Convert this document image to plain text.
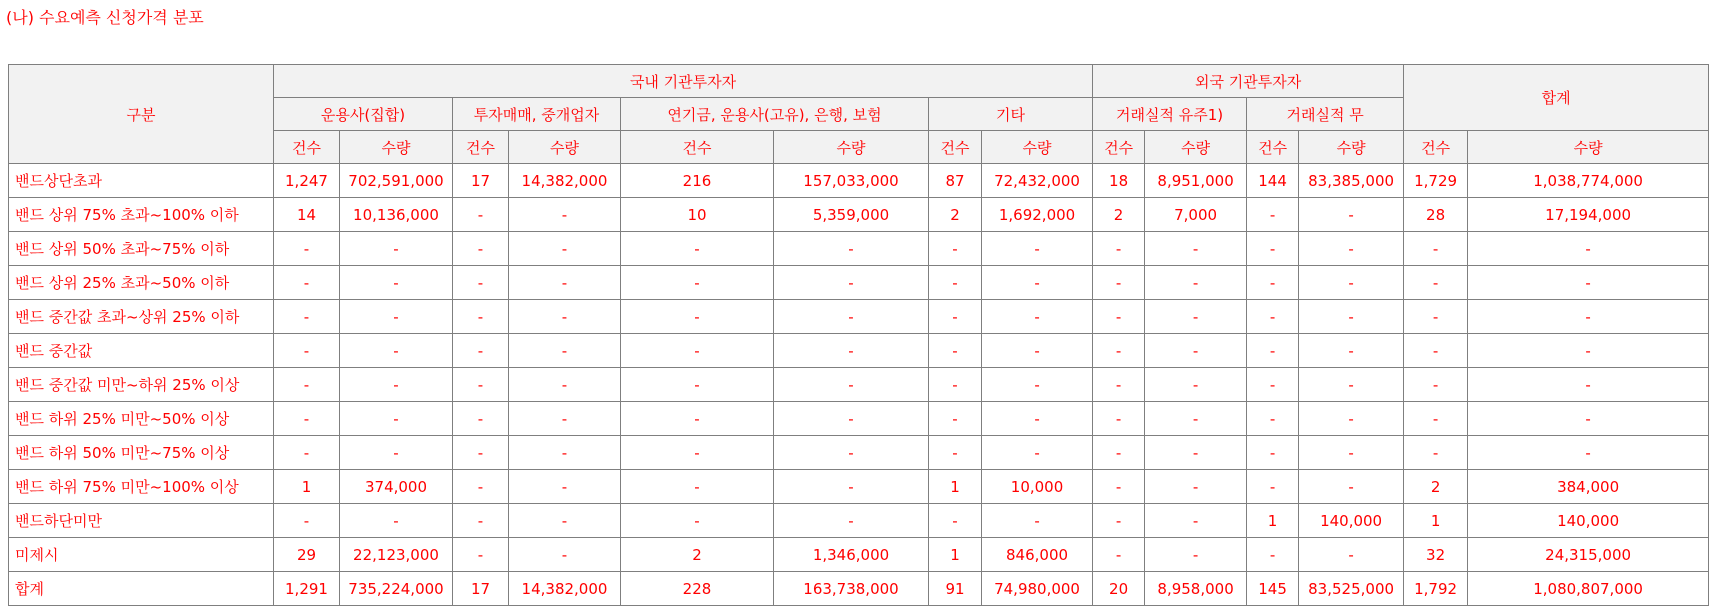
(나) 수요예측 신청가격 분포
구분	국내 기관투자자								외국 기관투자자				합계	
	운용사(집합)		투자매매, 중개업자		연기금, 운용사(고유), 은행, 보험		기타		거래실적 유주1)		거래실적 무			
	건수	수량	건수	수량	건수	수량	건수	수량	건수	수량	건수	수량	건수	수량
밴드상단초과	1,247	702,591,000	17	14,382,000	216	157,033,000	87	72,432,000	18	8,951,000	144	83,385,000	1,729	1,038,774,000
밴드 상위 75% 초과~100% 이하	14	10,136,000	-	-	10	5,359,000	2	1,692,000	2	7,000	-	-	28	17,194,000
밴드 상위 50% 초과~75% 이하	-	-	-	-	-	-	-	-	-	-	-	-	-	-
밴드 상위 25% 초과~50% 이하	-	-	-	-	-	-	-	-	-	-	-	-	-	-
밴드 중간값 초과~상위 25% 이하	-	-	-	-	-	-	-	-	-	-	-	-	-	-
밴드 중간값	-	-	-	-	-	-	-	-	-	-	-	-	-	-
밴드 중간값 미만~하위 25% 이상	-	-	-	-	-	-	-	-	-	-	-	-	-	-
밴드 하위 25% 미만~50% 이상	-	-	-	-	-	-	-	-	-	-	-	-	-	-
밴드 하위 50% 미만~75% 이상	-	-	-	-	-	-	-	-	-	-	-	-	-	-
밴드 하위 75% 미만~100% 이상	1	374,000	-	-	-	-	1	10,000	-	-	-	-	2	384,000
밴드하단미만	-	-	-	-	-	-	-	-	-	-	1	140,000	1	140,000
미제시	29	22,123,000	-	-	2	1,346,000	1	846,000	-	-	-	-	32	24,315,000
합계	1,291	735,224,000	17	14,382,000	228	163,738,000	91	74,980,000	20	8,958,000	145	83,525,000	1,792	1,080,807,000
